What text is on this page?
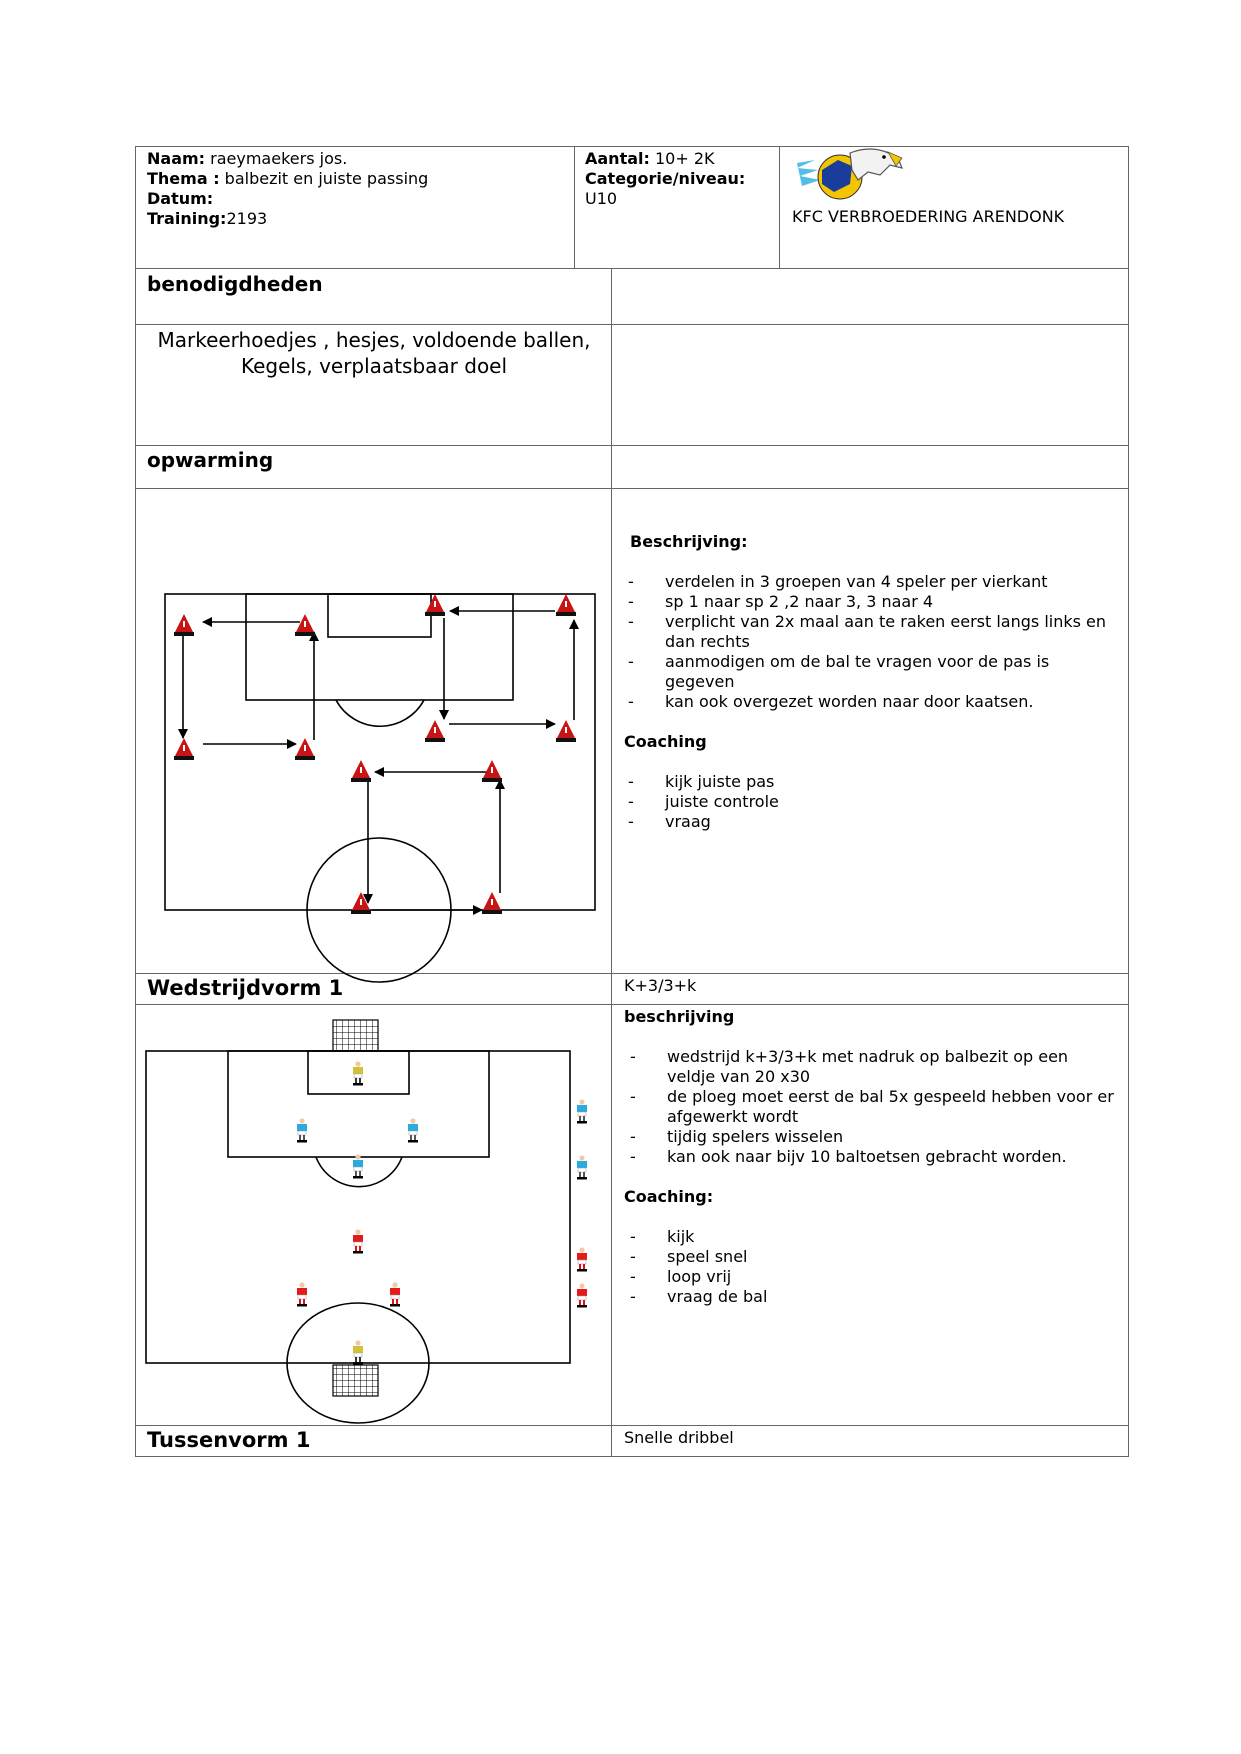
Naam: raeymaekers jos.
Thema : balbezit en juiste passing
Datum:
Training:2193
Aantal: 10+ 2K
Categorie/niveau:
U10
KFC VERBROEDERING ARENDONK
benodigdheden
Markeerhoedjes , hesjes, voldoende ballen,
Kegels, verplaatsbaar doel
opwarming
Beschrijving:
- verdelen in 3 groepen van 4 speler per vierkant
- sp 1 naar sp 2 ,2 naar 3, 3 naar 4
- verplicht van 2x maal aan te raken eerst langs links en dan rechts
- aanmodigen om de bal te vragen voor de pas is gegeven
- kan ook overgezet worden naar door kaatsen.
Coaching
- kijk juiste pas
- juiste controle
- vraag
Wedstrijdvorm 1	K+3/3+k
beschrijving
- wedstrijd k+3/3+k met nadruk op balbezit op een veldje van 20 x30
- de ploeg moet eerst de bal 5x gespeeld hebben voor er afgewerkt wordt
- tijdig spelers wisselen
- kan ook naar bijv 10 baltoetsen gebracht worden.
Coaching:
- kijk
- speel snel
- loop vrij
- vraag de bal
Tussenvorm 1	Snelle dribbel
